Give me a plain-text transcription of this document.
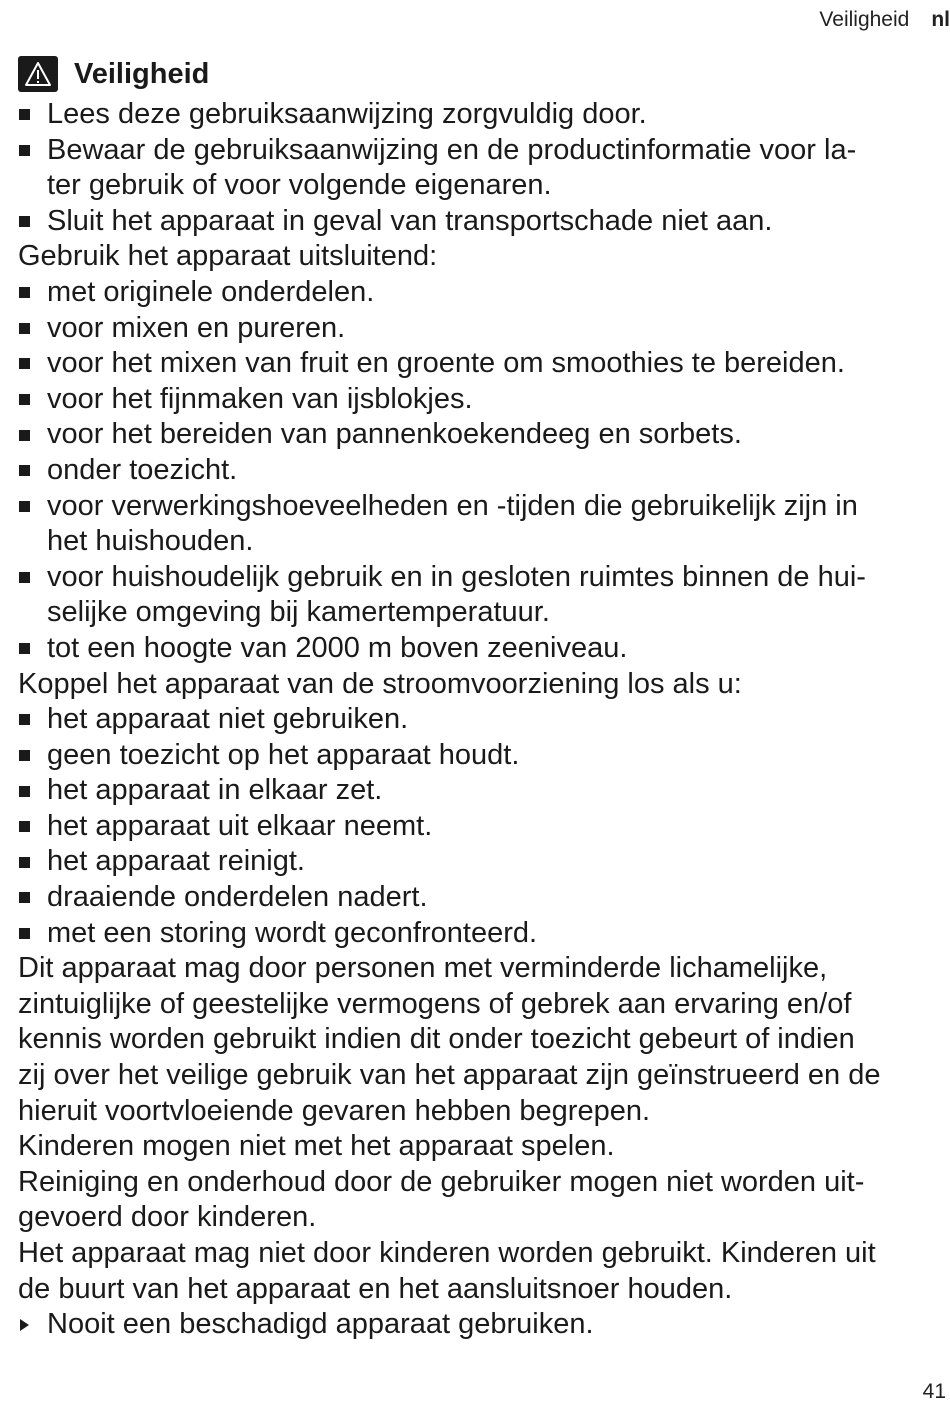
Veiligheid nl
Veiligheid
Lees deze gebruiksaanwijzing zorgvuldig door.
Bewaar de gebruiksaanwijzing en de productinformatie voor la-
ter gebruik of voor volgende eigenaren.
Sluit het apparaat in geval van transportschade niet aan.
Gebruik het apparaat uitsluitend:
met originele onderdelen.
voor mixen en pureren.
voor het mixen van fruit en groente om smoothies te bereiden.
voor het fijnmaken van ijsblokjes.
voor het bereiden van pannenkoekendeeg en sorbets.
onder toezicht.
voor verwerkingshoeveelheden en -tijden die gebruikelijk zijn in
het huishouden.
voor huishoudelijk gebruik en in gesloten ruimtes binnen de hui-
selijke omgeving bij kamertemperatuur.
tot een hoogte van 2000 m boven zeeniveau.
Koppel het apparaat van de stroomvoorziening los als u:
het apparaat niet gebruiken.
geen toezicht op het apparaat houdt.
het apparaat in elkaar zet.
het apparaat uit elkaar neemt.
het apparaat reinigt.
draaiende onderdelen nadert.
met een storing wordt geconfronteerd.
Dit apparaat mag door personen met verminderde lichamelijke,
zintuiglijke of geestelijke vermogens of gebrek aan ervaring en/of
kennis worden gebruikt indien dit onder toezicht gebeurt of indien
zij over het veilige gebruik van het apparaat zijn geïnstrueerd en de
hieruit voortvloeiende gevaren hebben begrepen.
Kinderen mogen niet met het apparaat spelen.
Reiniging en onderhoud door de gebruiker mogen niet worden uit-
gevoerd door kinderen.
Het apparaat mag niet door kinderen worden gebruikt. Kinderen uit
de buurt van het apparaat en het aansluitsnoer houden.
Nooit een beschadigd apparaat gebruiken.
41
